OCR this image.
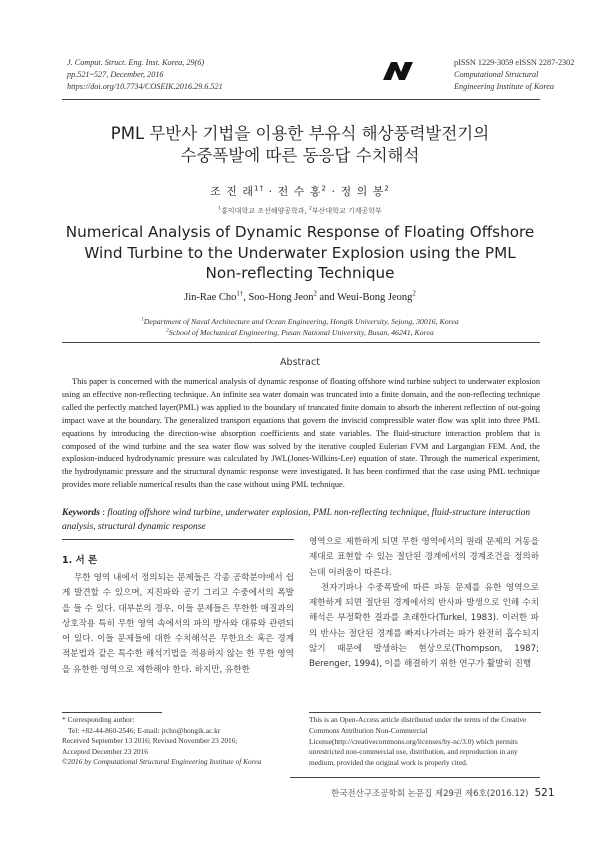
J. Comput. Struct. Eng. Inst. Korea, 29(6)
pp.521~527, December, 2016
https://doi.org/10.7734/COSEIK.2016.29.6.521
pISSN 1229-3059 eISSN 2287-2302
Computational Structural
Engineering Institute of Korea
PML 무반사 기법을 이용한 부유식 해상풍력발전기의
수중폭발에 따른 동응답 수치해석
조 진 래$^{1\dagger}$ · 전 수 홍$^2$ · 정 의 봉$^2$
$^1$홍익대학교 조선해양공학과, $^2$부산대학교 기계공학부
Numerical Analysis of Dynamic Response of Floating Offshore
Wind Turbine to the Underwater Explosion using the PML
Non-reflecting Technique
Jin-Rae Cho$^{1\dagger}$, Soo-Hong Jeon$^2$ and Weui-Bong Jeong$^2$
$^1$Department of Naval Architecture and Ocean Engineering, Hongik University, Sejong, 30016, Korea
$^2$School of Mechanical Engineering, Pusan National University, Busan, 46241, Korea
Abstract
This paper is concerned with the numerical analysis of dynamic response of floating offshore wind turbine subject to underwater explosion using an effective non-reflecting technique. An infinite sea water domain was truncated into a finite domain, and the non-reflecting technique called the perfectly matched layer(PML) was applied to the boundary of truncated finite domain to absorb the inherent reflection of out-going impact wave at the boundary. The generalized transport equations that govern the inviscid compressible water flow was split into three PML equations by introducing the direction-wise absorption coefficients and state variables. The fluid-structure interaction problem that is composed of the wind turbine and the sea water flow was solved by the iterative coupled Eulerian FVM and Largangian FEM. And, the explosion-induced hydrodynamic pressure was calculated by JWL(Jones-Wilkins-Lee) equation of state. Through the numerical experiment, the hydrodynamic pressure and the structural dynamic response were investigated. It has been confirmed that the case using PML technique provides more reliable numerical results than the case without using PML technique.
Keywords : floating offshore wind turbine, underwater explosion, PML non-reflecting technique, fluid-structure interaction analysis, structural dynamic response
1. 서 론
무한 영역 내에서 정의되는 문제들은 각종 공학분야에서 쉽게 발견할 수 있으며, 지진파와 공기 그리고 수중에서의 폭발을 들 수 있다. 대부분의 경우, 이들 문제들은 무한한 매질과의 상호작용 특히 무한 영역 속에서의 파의 방사와 대류와 관련되어 있다. 이들 문제들에 대한 수치해석은 무한요소 혹은 경계적분법과 같은 특수한 해석기법을 적용하지 않는 한 무한 영역을 유한한 영역으로 제한해야 한다. 하지만, 유한한
영역으로 제한하게 되면 무한 영역에서의 원래 문제의 거동을 제대로 표현할 수 있는 절단된 경계에서의 경계조건을 정의하는데 어려움이 따른다.
전자기파나 수중폭발에 따른 파동 문제를 유한 영역으로 제한하게 되면 절단된 경계에서의 반사파 발생으로 인해 수치해석은 부정확한 결과를 초래한다(Turkel, 1983). 이러한 파의 반사는 절단된 경계를 빠져나가려는 파가 완전히 흡수되지 않기 때문에 발생하는 현상으로(Thompson, 1987; Berenger, 1994), 이를 해결하기 위한 연구가 활발히 진행
* Corresponding author:
Tel: +82-44-860-2546; E-mail: jrcho@hongik.ac.kr
Received September 13 2016; Revised November 23 2016;
Accepted December 23 2016
©2016 by Computational Structural Engineering Institute of Korea
This is an Open-Access article distributed under the terms of the Creative Commons Attribution Non-Commercial License(http://creativecommons.org/licenses/by-nc/3.0) which permits unrestricted non-commercial use, distribution, and reproduction in any medium, provided the original work is properly cited.
한국전산구조공학회 논문집 제29권 제6호(2016.12) 521
